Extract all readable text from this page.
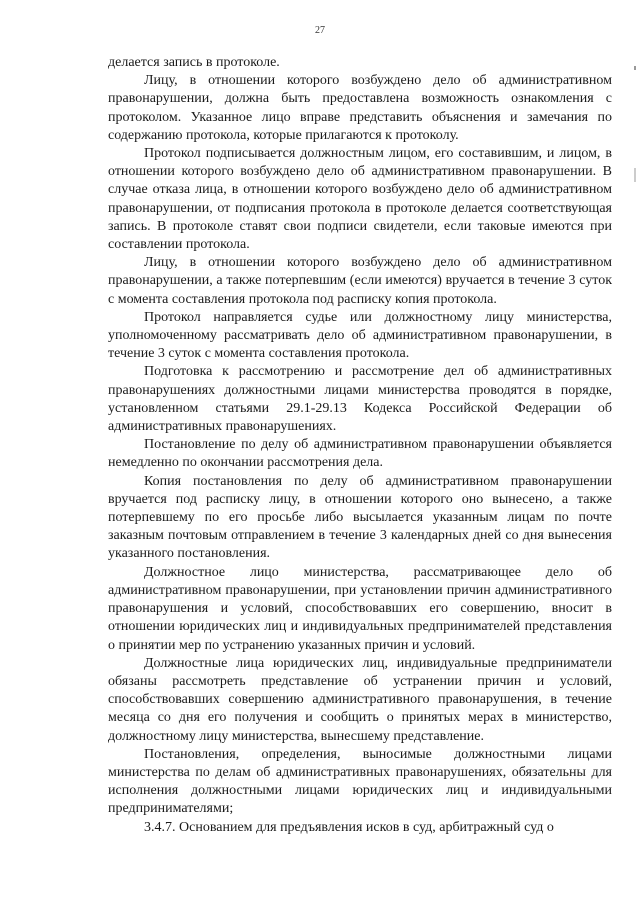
27

делается запись в протоколе.

Лицу, в отношении которого возбуждено дело об административном правонарушении, должна быть предоставлена возможность ознакомления с протоколом. Указанное лицо вправе представить объяснения и замечания по содержанию протокола, которые прилагаются к протоколу.

Протокол подписывается должностным лицом, его составившим, и лицом, в отношении которого возбуждено дело об административном правонарушении. В случае отказа лица, в отношении которого возбуждено дело об административном правонарушении, от подписания протокола в протоколе делается соответствующая запись. В протоколе ставят свои подписи свидетели, если таковые имеются при составлении протокола.

Лицу, в отношении которого возбуждено дело об административном правонарушении, а также потерпевшим (если имеются) вручается в течение 3 суток с момента составления протокола под расписку копия протокола.

Протокол направляется судье или должностному лицу министерства, уполномоченному рассматривать дело об административном правонарушении, в течение 3 суток с момента составления протокола.

Подготовка к рассмотрению и рассмотрение дел об административных правонарушениях должностными лицами министерства проводятся в порядке, установленном статьями 29.1-29.13 Кодекса Российской Федерации об административных правонарушениях.

Постановление по делу об административном правонарушении объявляется немедленно по окончании рассмотрения дела.

Копия постановления по делу об административном правонарушении вручается под расписку лицу, в отношении которого оно вынесено, а также потерпевшему по его просьбе либо высылается указанным лицам по почте заказным почтовым отправлением в течение 3 календарных дней со дня вынесения указанного постановления.

Должностное лицо министерства, рассматривающее дело об административном правонарушении, при установлении причин административного правонарушения и условий, способствовавших его совершению, вносит в отношении юридических лиц и индивидуальных предпринимателей представления о принятии мер по устранению указанных причин и условий.

Должностные лица юридических лиц, индивидуальные предприниматели обязаны рассмотреть представление об устранении причин и условий, способствовавших совершению административного правонарушения, в течение месяца со дня его получения и сообщить о принятых мерах в министерство, должностному лицу министерства, вынесшему представление.

Постановления, определения, выносимые должностными лицами министерства по делам об административных правонарушениях, обязательны для исполнения должностными лицами юридических лиц и индивидуальными предпринимателями;

3.4.7. Основанием для предъявления исков в суд, арбитражный суд о
